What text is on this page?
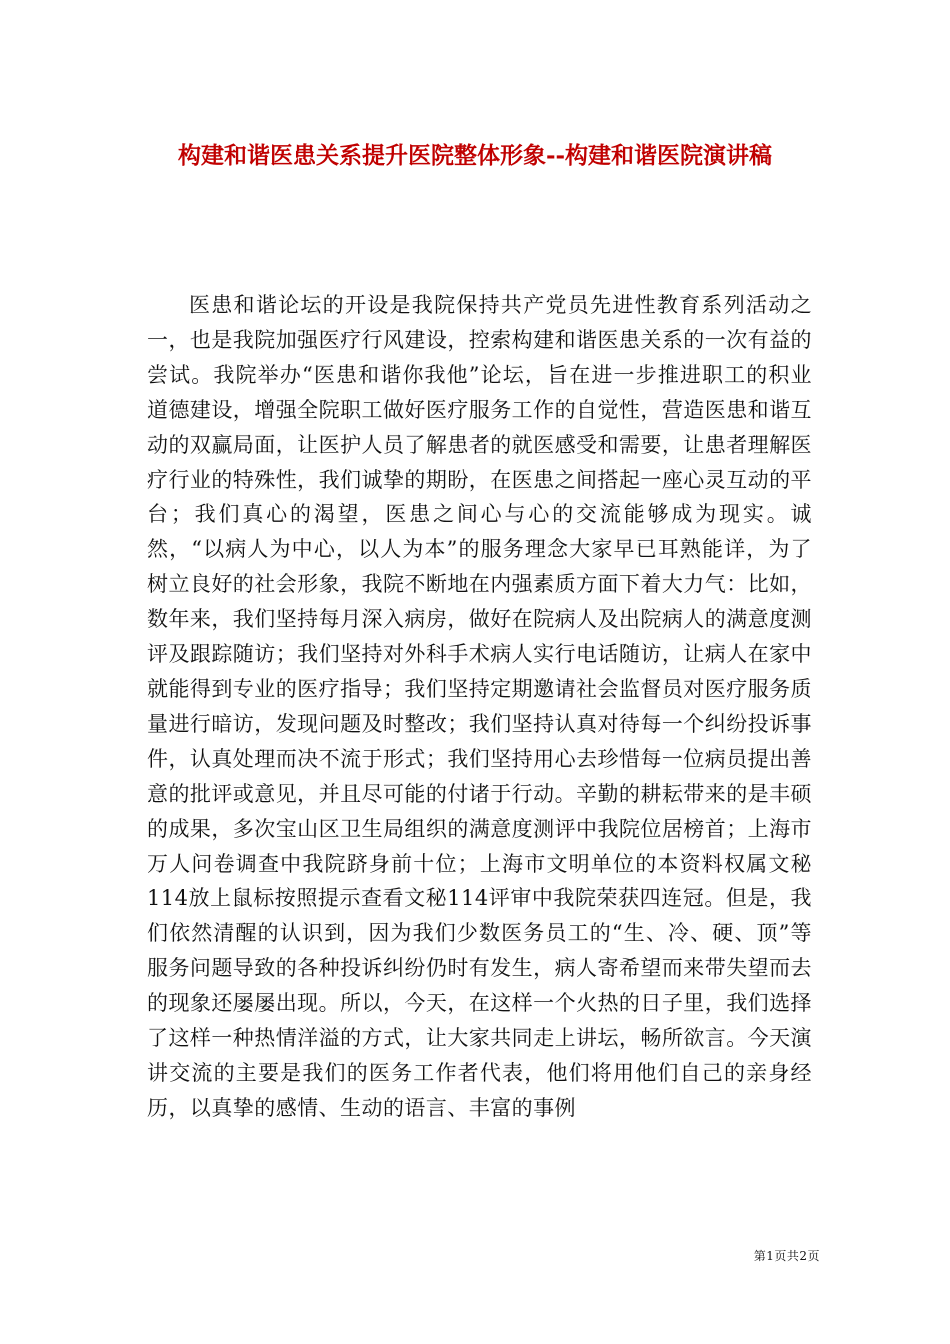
构建和谐医患关系提升医院整体形象--构建和谐医院演讲稿

医患和谐论坛的开设是我院保持共产党员先进性教育系列活动之一，也是我院加强医疗行风建设，控索构建和谐医患关系的一次有益的尝试。我院举办“医患和谐你我他”论坛，旨在进一步推进职工的积业道德建设，增强全院职工做好医疗服务工作的自觉性，营造医患和谐互动的双赢局面，让医护人员了解患者的就医感受和需要，让患者理解医疗行业的特殊性，我们诚挚的期盼，在医患之间搭起一座心灵互动的平台；我们真心的渴望，医患之间心与心的交流能够成为现实。诚然，“以病人为中心，以人为本”的服务理念大家早已耳熟能详，为了树立良好的社会形象，我院不断地在内强素质方面下着大力气：比如，数年来，我们坚持每月深入病房，做好在院病人及出院病人的满意度测评及跟踪随访；我们坚持对外科手术病人实行电话随访，让病人在家中就能得到专业的医疗指导；我们坚持定期邀请社会监督员对医疗服务质量进行暗访，发现问题及时整改；我们坚持认真对待每一个纠纷投诉事件，认真处理而决不流于形式；我们坚持用心去珍惜每一位病员提出善意的批评或意见，并且尽可能的付诸于行动。辛勤的耕耘带来的是丰硕的成果，多次宝山区卫生局组织的满意度测评中我院位居榜首；上海市万人问卷调查中我院跻身前十位；上海市文明单位的本资料权属文秘114放上鼠标按照提示查看文秘114评审中我院荣获四连冠。但是，我们依然清醒的认识到，因为我们少数医务员工的“生、冷、硬、顶”等服务问题导致的各种投诉纠纷仍时有发生，病人寄希望而来带失望而去的现象还屡屡出现。所以，今天，在这样一个火热的日子里，我们选择了这样一种热情洋溢的方式，让大家共同走上讲坛，畅所欲言。今天演讲交流的主要是我们的医务工作者代表，他们将用他们自己的亲身经历，以真挚的感情、生动的语言、丰富的事例

第1页共2页
